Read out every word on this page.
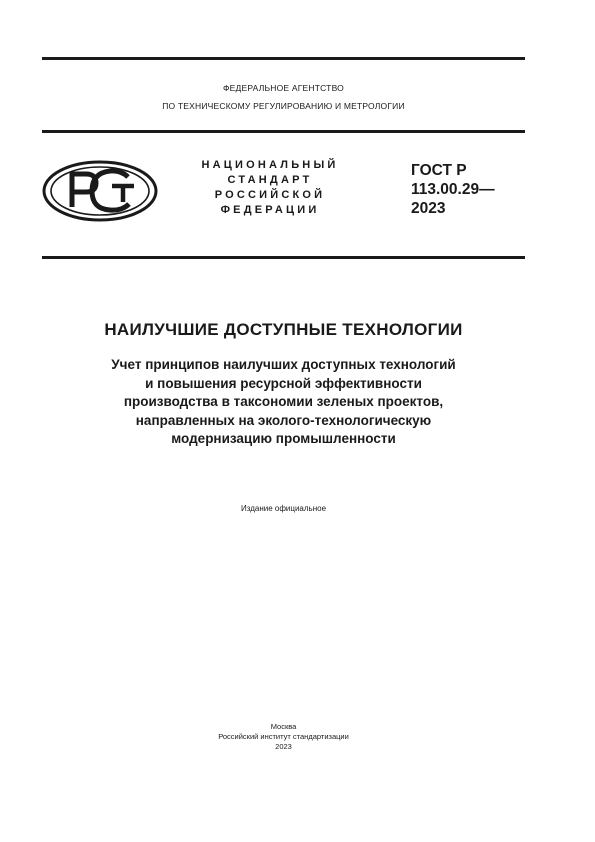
ФЕДЕРАЛЬНОЕ АГЕНТСТВО
ПО ТЕХНИЧЕСКОМУ РЕГУЛИРОВАНИЮ И МЕТРОЛОГИИ
НАЦИОНАЛЬНЫЙ
СТАНДАРТ
РОССИЙСКОЙ
ФЕДЕРАЦИИ
ГОСТ Р
113.00.29—
2023
НАИЛУЧШИЕ ДОСТУПНЫЕ ТЕХНОЛОГИИ
Учет принципов наилучших доступных технологий
и повышения ресурсной эффективности
производства в таксономии зеленых проектов,
направленных на эколого-технологическую
модернизацию промышленности
Издание официальное
Москва
Российский институт стандартизации
2023
